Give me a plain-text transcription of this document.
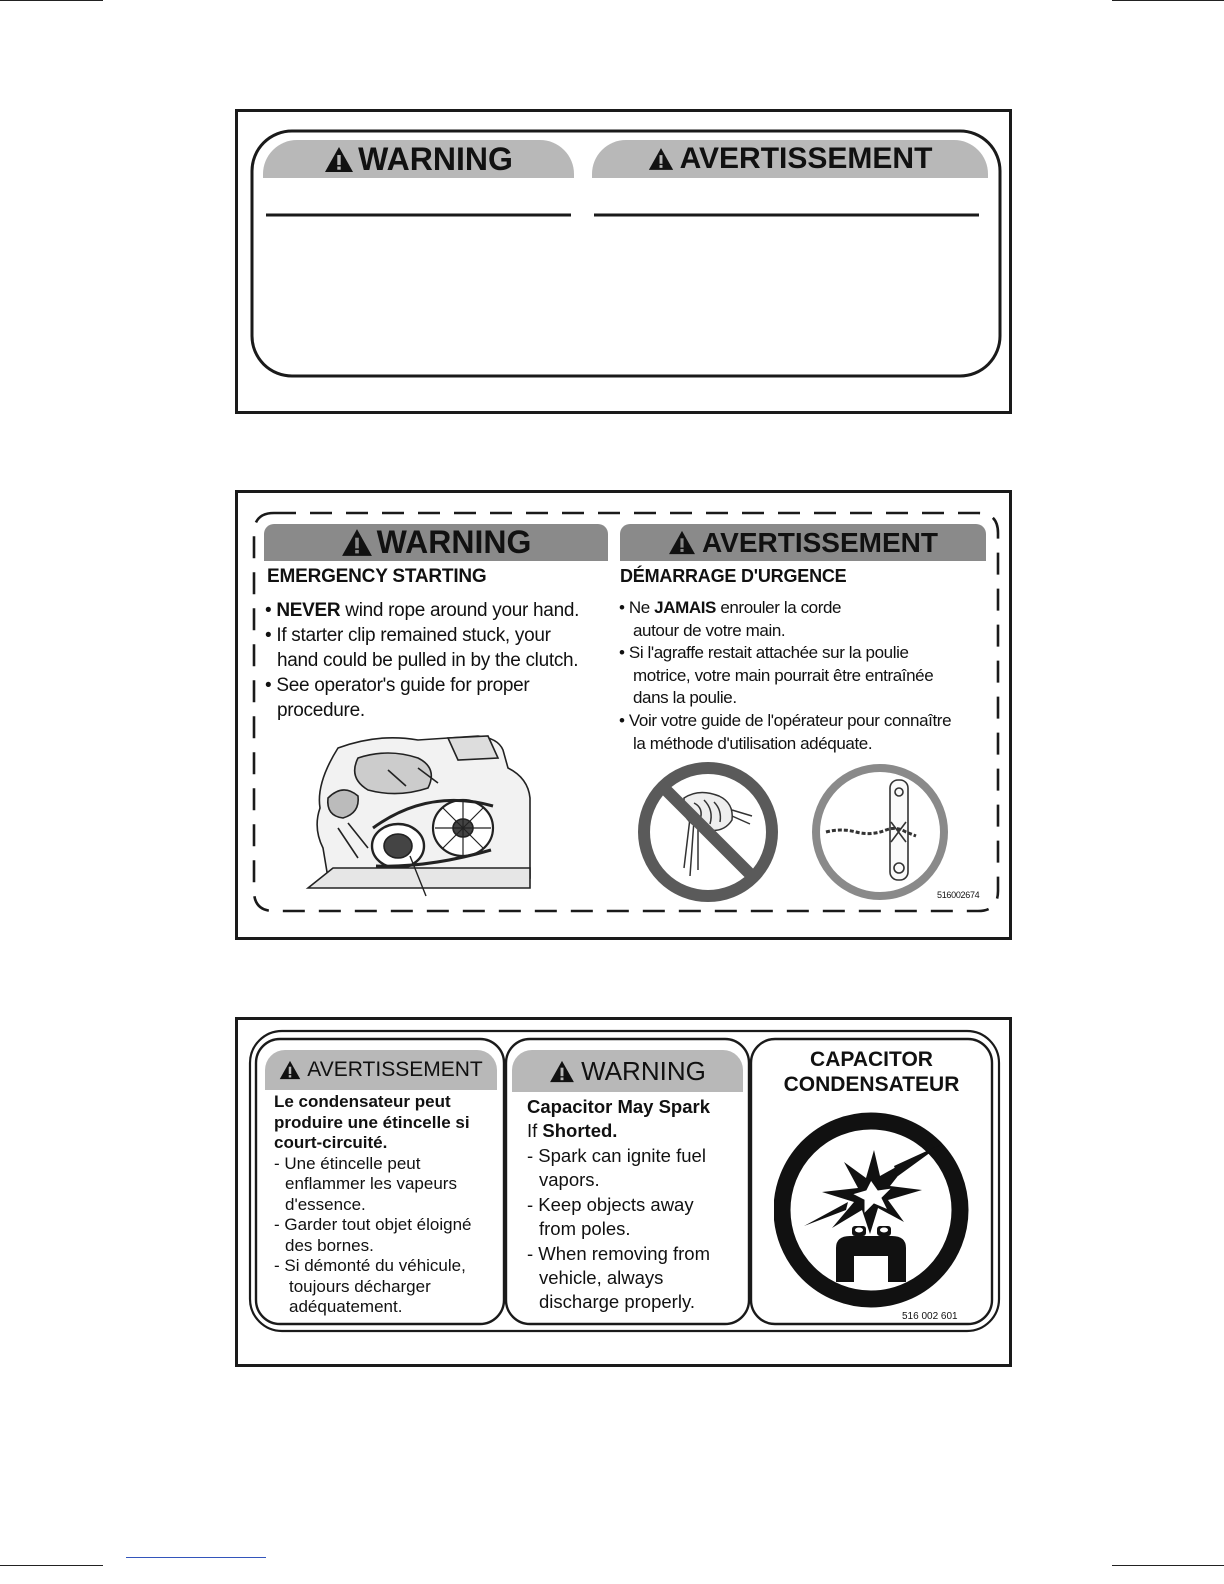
WARNING	AVERTISSEMENT
WARNING	AVERTISSEMENT
EMERGENCY STARTING	DÉMARRAGE D'URGENCE
• NEVER wind rope around your hand.
• If starter clip remained stuck, your
hand could be pulled in by the clutch.
• See operator's guide for proper
procedure.
• Ne JAMAIS enrouler la corde
autour de votre main.
• Si l'agraffe restait attachée sur la poulie
motrice, votre main pourrait être entraînée
dans la poulie.
• Voir votre guide de l'opérateur pour connaître
la méthode d'utilisation adéquate.
516002674
AVERTISSEMENT	WARNING
Le condensateur peut
produire une étincelle si
court-circuité.
- Une étincelle peut
enflammer les vapeurs
d'essence.
- Garder tout objet éloigné
des bornes.
- Si démonté du véhicule,
toujours décharger
adéquatement.
Capacitor May Spark
If Shorted.
- Spark can ignite fuel
vapors.
- Keep objects away
from poles.
- When removing from
vehicle, always
discharge properly.
CAPACITOR
CONDENSATEUR
516 002 601
